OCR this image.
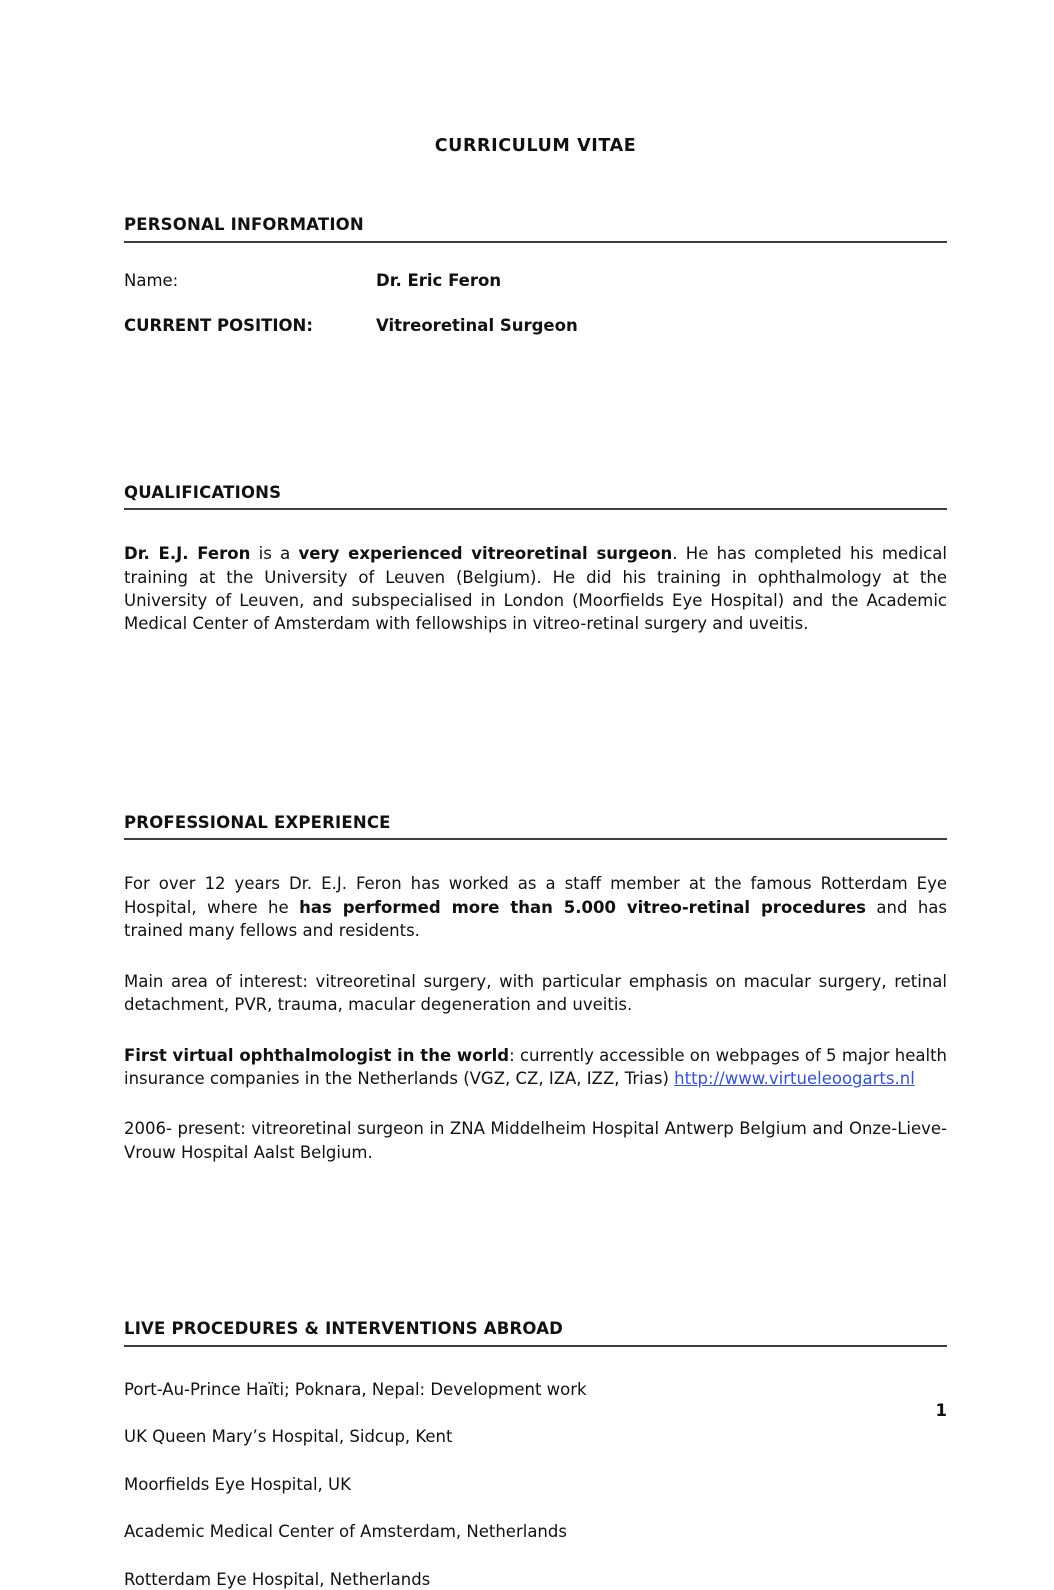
CURRICULUM VITAE
PERSONAL INFORMATION
Name:	Dr. Eric Feron
CURRENT POSITION:	Vitreoretinal Surgeon
QUALIFICATIONS

Dr. E.J. Feron is a very experienced vitreoretinal surgeon. He has completed his medical training at the University of Leuven (Belgium). He did his training in ophthalmology at the University of Leuven, and subspecialised in London (Moorfields Eye Hospital) and the Academic Medical Center of Amsterdam with fellowships in vitreo-retinal surgery and uveitis.

PROFESSIONAL EXPERIENCE

For over 12 years Dr. E.J. Feron has worked as a staff member at the famous Rotterdam Eye Hospital, where he has performed more than 5.000 vitreo-retinal procedures and has trained many fellows and residents.

Main area of interest: vitreoretinal surgery, with particular emphasis on macular surgery, retinal detachment, PVR, trauma, macular degeneration and uveitis.

First virtual ophthalmologist in the world: currently accessible on webpages of 5 major health insurance companies in the Netherlands (VGZ, CZ, IZA, IZZ, Trias) http://www.virtueleoogarts.nl

2006- present: vitreoretinal surgeon in ZNA Middelheim Hospital Antwerp Belgium and Onze-Lieve-Vrouw Hospital Aalst Belgium.

LIVE PROCEDURES & INTERVENTIONS ABROAD

Port-Au-Prince Haïti; Poknara, Nepal: Development work

UK Queen Mary’s Hospital, Sidcup, Kent

Moorfields Eye Hospital, UK

Academic Medical Center of Amsterdam, Netherlands

Rotterdam Eye Hospital, Netherlands

1
